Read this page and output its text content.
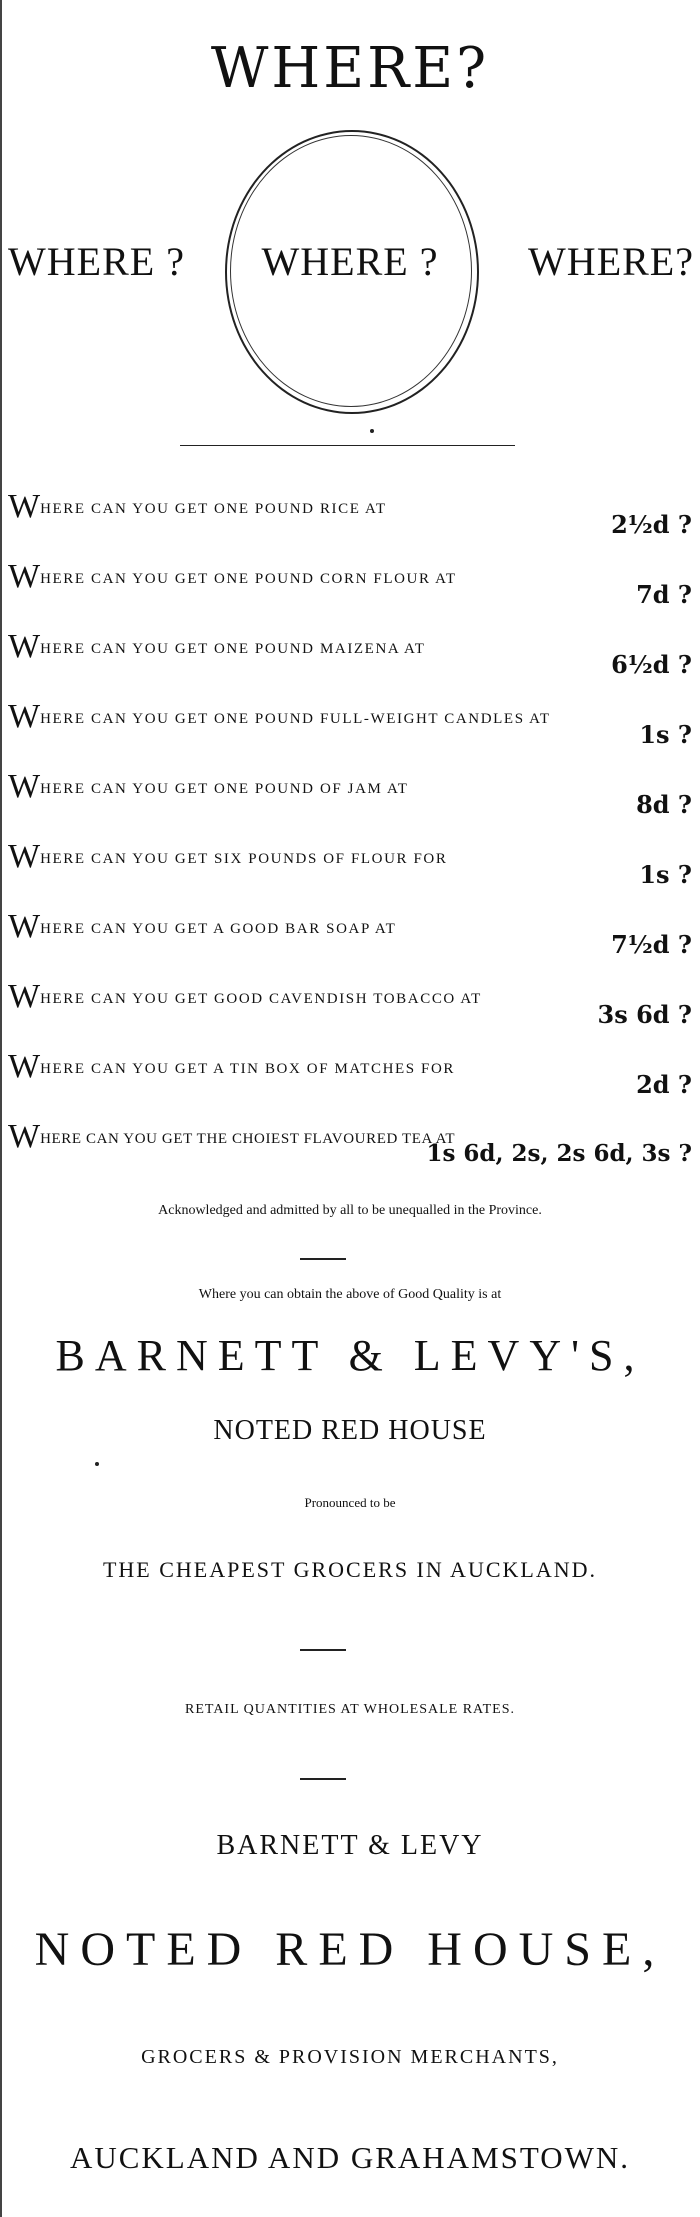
WHERE?
WHERE ?	WHERE ?	WHERE?
WHERE CAN YOU GET ONE POUND RICE AT
2½d ?
WHERE CAN YOU GET ONE POUND CORN FLOUR AT
7d ?
WHERE CAN YOU GET ONE POUND MAIZENA AT
6½d ?
WHERE CAN YOU GET ONE POUND FULL-WEIGHT CANDLES AT
1s ?
WHERE CAN YOU GET ONE POUND OF JAM AT
8d ?
WHERE CAN YOU GET SIX POUNDS OF FLOUR FOR
1s ?
WHERE CAN YOU GET A GOOD BAR SOAP AT
7½d ?
WHERE CAN YOU GET GOOD CAVENDISH TOBACCO AT
3s 6d ?
WHERE CAN YOU GET A TIN BOX OF MATCHES FOR
2d ?
WHERE CAN YOU GET THE CHOIEST FLAVOURED TEA AT
1s 6d, 2s, 2s 6d, 3s ?
Acknowledged and admitted by all to be unequalled in the Province.
Where you can obtain the above of Good Quality is at
BARNETT & LEVY'S,
NOTED RED HOUSE
Pronounced to be
THE CHEAPEST GROCERS IN AUCKLAND.
RETAIL QUANTITIES AT WHOLESALE RATES.
BARNETT & LEVY
NOTED RED HOUSE,
GROCERS & PROVISION MERCHANTS,
AUCKLAND AND GRAHAMSTOWN.
